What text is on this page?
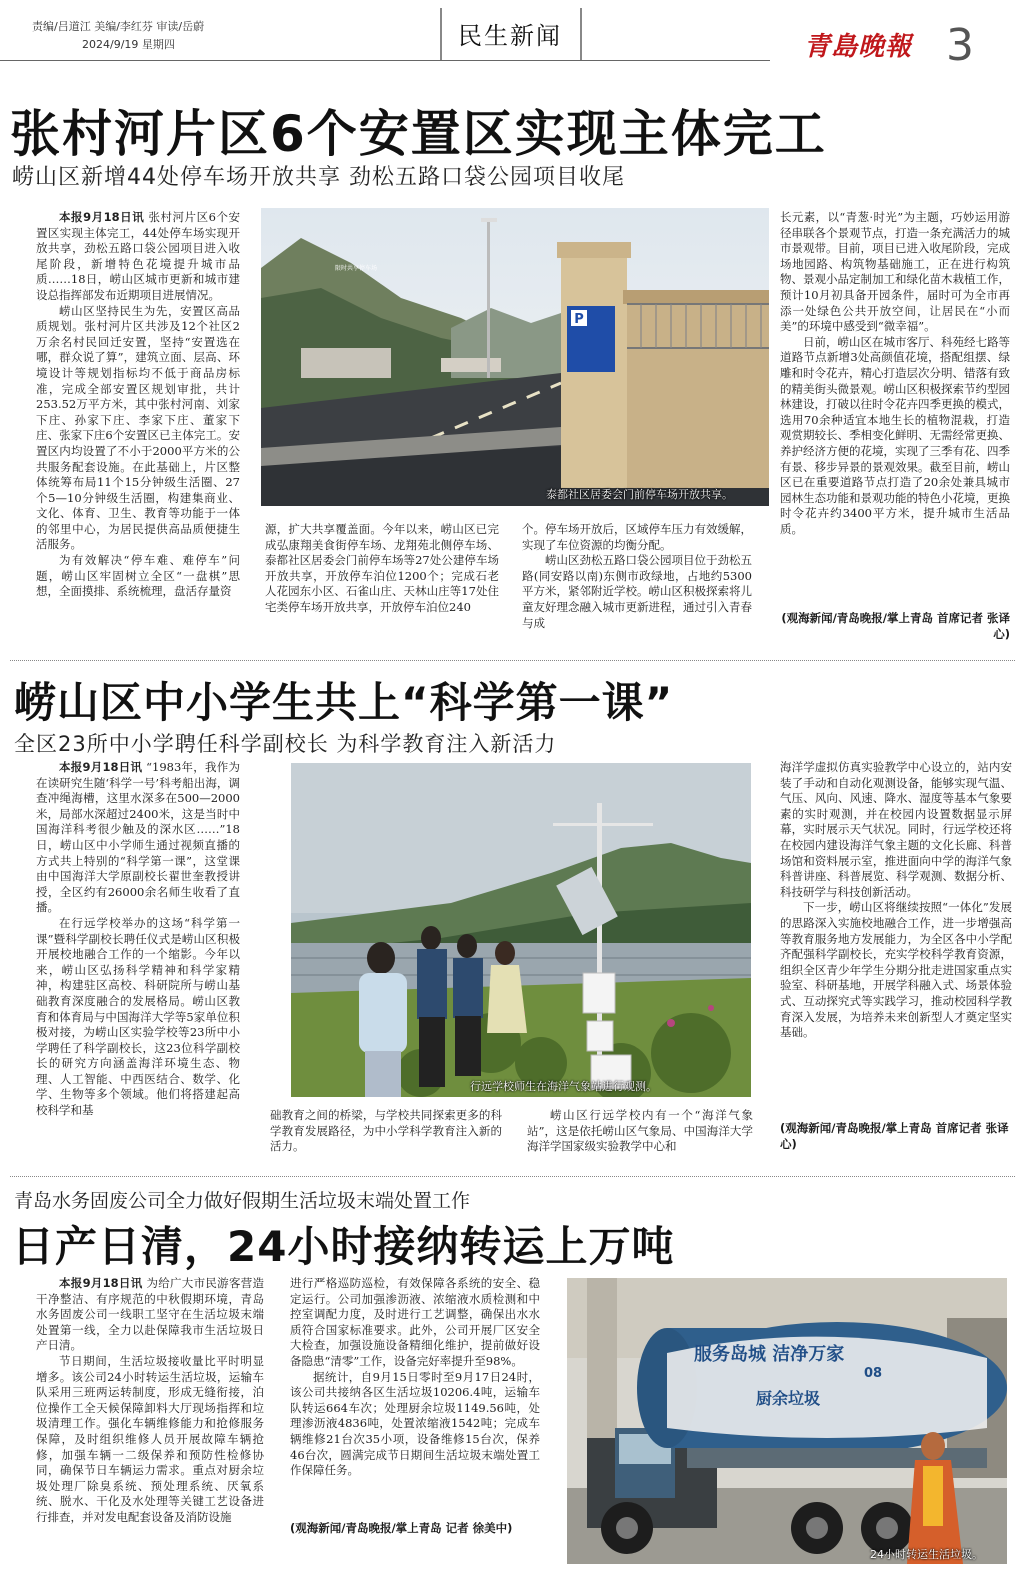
责编/吕道江 美编/李红芬 审读/岳蔚
2024/9/19 星期四	民生新闻	青島晚報 3
张村河片区6个安置区实现主体完工
崂山区新增44处停车场开放共享 劲松五路口袋公园项目收尾

本报9月18日讯 张村河片区6个安置区实现主体完工，44处停车场实现开放共享，劲松五路口袋公园项目进入收尾阶段，新增特色花境提升城市品质……18日，崂山区城市更新和城市建设总指挥部发布近期项目进展情况。

崂山区坚持民生为先，安置区高品质规划。张村河片区共涉及12个社区2万余名村民回迁安置，坚持“安置选在哪，群众说了算”，建筑立面、层高、环境设计等规划指标均不低于商品房标准，完成全部安置区规划审批，共计253.52万平方米，其中张村河南、刘家下庄、孙家下庄、李家下庄、董家下庄、张家下庄6个安置区已主体完工。安置区内均设置了不小于2000平方米的公共服务配套设施。在此基础上，片区整体统筹布局11个15分钟级生活圈、27个5—10分钟级生活圈，构建集商业、文化、体育、卫生、教育等功能于一体的邻里中心，为居民提供高品质便捷生活服务。

为有效解决“停车难、难停车”问题，崂山区牢固树立全区“一盘棋”思想，全面摸排、系统梳理，盘活存量资

P
限时共享停车场
泰都社区居委会门前停车场开放共享。

源，扩大共享覆盖面。今年以来，崂山区已完成弘康翔美食街停车场、龙翔苑北侧停车场、泰都社区居委会门前停车场等27处公建停车场开放共享，开放停车泊位1200个；完成石老人花园东小区、石雀山庄、天林山庄等17处住宅类停车场开放共享，开放停车泊位240

个。停车场开放后，区域停车压力有效缓解，实现了车位资源的均衡分配。

崂山区劲松五路口袋公园项目位于劲松五路(同安路以南)东侧市政绿地，占地约5300平方米，紧邻附近学校。崂山区积极探索将儿童友好理念融入城市更新进程，通过引入青春与成

长元素，以“青葱·时光”为主题，巧妙运用游径串联各个景观节点，打造一条充满活力的城市景观带。目前，项目已进入收尾阶段，完成场地园路、构筑物基础施工，正在进行构筑物、景观小品定制加工和绿化苗木栽植工作，预计10月初具备开园条件，届时可为全市再添一处绿色公共开放空间，让居民在“小而美”的环境中感受到“微幸福”。

日前，崂山区在城市客厅、科苑经七路等道路节点新增3处高颜值花境，搭配组摆、绿雕和时令花卉，精心打造层次分明、错落有致的精美街头微景观。崂山区积极探索节约型园林建设，打破以往时令花卉四季更换的模式，选用70余种适宜本地生长的植物混栽，打造观赏期较长、季相变化鲜明、无需经常更换、养护经济方便的花境，实现了三季有花、四季有景、移步异景的景观效果。截至目前，崂山区已在重要道路节点打造了20余处兼具城市园林生态功能和景观功能的特色小花境，更换时令花卉约3400平方米，提升城市生活品质。

(观海新闻/青岛晚报/掌上青岛 首席记者 张译心)
崂山区中小学生共上“科学第一课”
全区23所中小学聘任科学副校长 为科学教育注入新活力

本报9月18日讯 “1983年，我作为在读研究生随‘科学一号’科考船出海，调查冲绳海槽，这里水深多在500—2000米，局部水深超过2400米，这是当时中国海洋科考很少触及的深水区……”18日，崂山区中小学师生通过视频直播的方式共上特别的“科学第一课”，这堂课由中国海洋大学原副校长翟世奎教授讲授，全区约有26000余名师生收看了直播。

在行远学校举办的这场“科学第一课”暨科学副校长聘任仪式是崂山区积极开展校地融合工作的一个缩影。今年以来，崂山区弘扬科学精神和科学家精神，构建驻区高校、科研院所与崂山基础教育深度融合的发展格局。崂山区教育和体育局与中国海洋大学等5家单位积极对接，为崂山区实验学校等23所中小学聘任了科学副校长，这23位科学副校长的研究方向涵盖海洋环境生态、物理、人工智能、中西医结合、数学、化学、生物等多个领域。他们将搭建起高校科学和基

行远学校师生在海洋气象站进行观测。

础教育之间的桥梁，与学校共同探索更多的科学教育发展路径，为中小学科学教育注入新的活力。

崂山区行远学校内有一个“海洋气象站”，这是依托崂山区气象局、中国海洋大学海洋学国家级实验教学中心和

海洋学虚拟仿真实验教学中心设立的，站内安装了手动和自动化观测设备，能够实现气温、气压、风向、风速、降水、湿度等基本气象要素的实时观测，并在校园内设置数据显示屏幕，实时展示天气状况。同时，行远学校还将在校园内建设海洋气象主题的文化长廊、科普场馆和资料展示室，推进面向中学的海洋气象科普讲座、科普展览、科学观测、数据分析、科技研学与科技创新活动。

下一步，崂山区将继续按照“一体化”发展的思路深入实施校地融合工作，进一步增强高等教育服务地方发展能力，为全区各中小学配齐配强科学副校长，充实学校科学教育资源，组织全区青少年学生分期分批走进国家重点实验室、科研基地，开展学科融入式、场景体验式、互动探究式等实践学习，推动校园科学教育深入发展，为培养未来创新型人才奠定坚实基础。

(观海新闻/青岛晚报/掌上青岛 首席记者 张译心)
青岛水务固废公司全力做好假期生活垃圾末端处置工作
日产日清，24小时接纳转运上万吨

本报9月18日讯 为给广大市民游客营造干净整洁、有序规范的中秋假期环境，青岛水务固废公司一线职工坚守在生活垃圾末端处置第一线，全力以赴保障我市生活垃圾日产日清。

节日期间，生活垃圾接收量比平时明显增多。该公司24小时转运生活垃圾，运输车队采用三班两运转制度，形成无缝衔接，泊位操作工全天候保障卸料大厅现场指挥和垃圾清理工作。强化车辆维修能力和抢修服务保障，及时组织维修人员开展故障车辆抢修，加强车辆一二级保养和预防性检修协同，确保节日车辆运力需求。重点对厨余垃圾处理厂除臭系统、预处理系统、厌氧系统、脱水、干化及水处理等关键工艺设备进行排查，并对发电配套设备及消防设施

进行严格巡防巡检，有效保障各系统的安全、稳定运行。公司加强渗沥液、浓缩液水质检测和中控室调配力度，及时进行工艺调整，确保出水水质符合国家标准要求。此外，公司开展厂区安全大检查，加强设施设备精细化维护，提前做好设备隐患“清零”工作，设备完好率提升至98%。

据统计，自9月15日零时至9月17日24时，该公司共接纳各区生活垃圾10206.4吨，运输车队转运664车次；处理厨余垃圾1149.56吨，处理渗沥液4836吨，处置浓缩液1542吨；完成车辆维修21台次35小项，设备维修15台次，保养46台次，圆满完成节日期间生活垃圾末端处置工作保障任务。

(观海新闻/青岛晚报/掌上青岛 记者 徐美中)
服务岛城 洁净万家
厨余垃圾
08
24小时转运生活垃圾。
